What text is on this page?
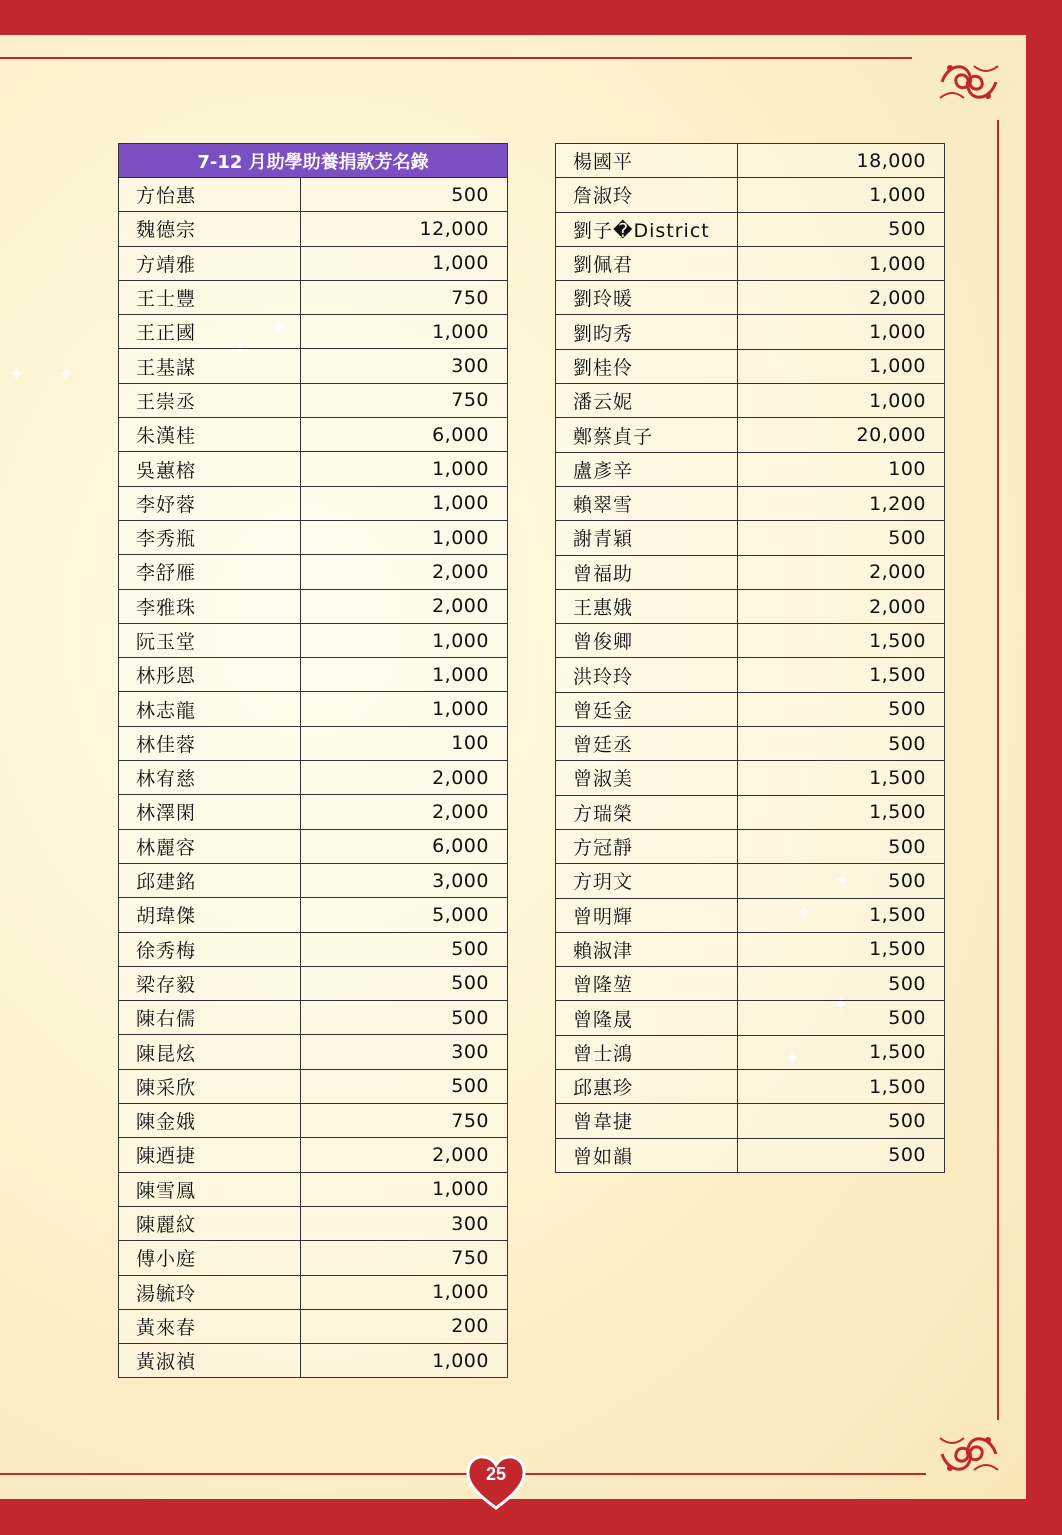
✦ ✦
✦
✦
✦
✦
✦
✦
7-12 月助學助養捐款芳名錄	
方怡惠	500
魏德宗	12,000
方靖雅	1,000
王士豐	750
王正國	1,000
王基謀	300
王崇丞	750
朱漢桂	6,000
吳蕙榕	1,000
李妤蓉	1,000
李秀瓶	1,000
李舒雁	2,000
李雅珠	2,000
阮玉堂	1,000
林彤恩	1,000
林志龍	1,000
林佳蓉	100
林宥慈	2,000
林澤閑	2,000
林麗容	6,000
邱建銘	3,000
胡瑋傑	5,000
徐秀梅	500
梁存毅	500
陳右儒	500
陳昆炫	300
陳采欣	500
陳金娥	750
陳迺捷	2,000
陳雪鳳	1,000
陳麗紋	300
傅小庭	750
湯毓玲	1,000
黃來春	200
黃淑禎	1,000
楊國平	18,000
詹淑玲	1,000
劉子�District	500
劉佩君	1,000
劉玲暖	2,000
劉昀秀	1,000
劉桂伶	1,000
潘云妮	1,000
鄭蔡貞子	20,000
盧彥辛	100
賴翠雪	1,200
謝青穎	500
曾福助	2,000
王惠娥	2,000
曾俊卿	1,500
洪玲玲	1,500
曾廷金	500
曾廷丞	500
曾淑美	1,500
方瑞榮	1,500
方冠靜	500
方玥文	500
曾明輝	1,500
賴淑津	1,500
曾隆堃	500
曾隆晟	500
曾士鴻	1,500
邱惠珍	1,500
曾韋捷	500
曾如韻	500
25
